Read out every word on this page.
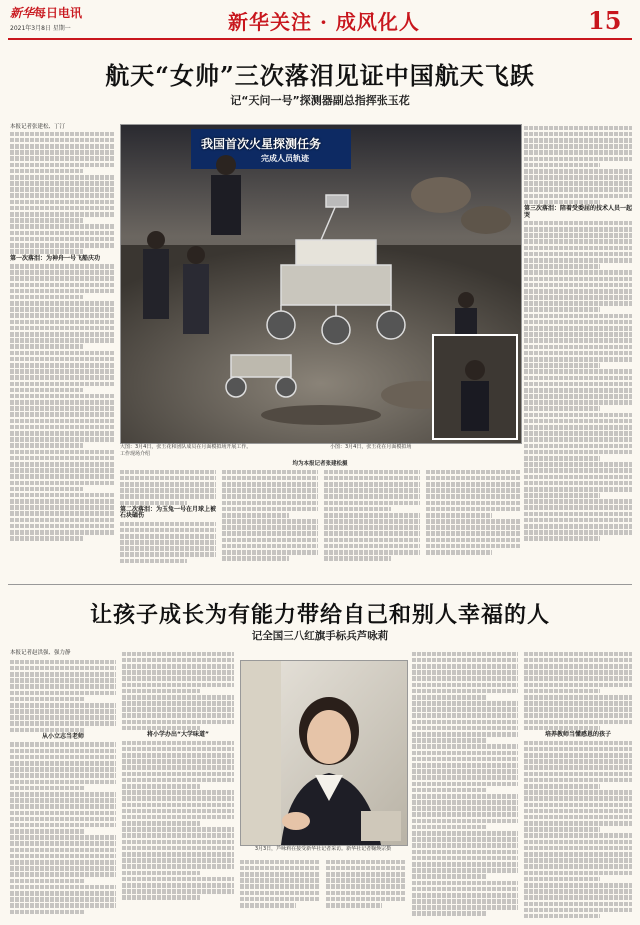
新华每日电讯
2021年3月8日 星期一	新华关注 · 成风化人	15
航天“女帅”三次落泪见证中国航天飞跃
记“天问一号”探测器副总指挥张玉花
本报记者张建松、丁汀
第一次落泪：为神舟一号飞船庆功
我国首次火星探测任务
完成人员轨迹
大图：3月4日，张玉花和团队成员在月面模拟场开展工作。
工作现场介绍
小图：3月4日，张玉花在月面模拟场
均为本报记者张建松摄
第三次落泪：陪着受委屈的技术人员一起哭
第二次落泪：为玉兔一号在月球上被石块磕伤
让孩子成长为有能力带给自己和别人幸福的人
记全国三八红旗手标兵芦咏莉
本报记者赵洪强、强力静
从小立志当老师	将小学办出“大学味道”
3月3日，芦咏莉在接受新华社记者采访。新华社记者鞠焕宗摄
培养教师当懂感恩的孩子
